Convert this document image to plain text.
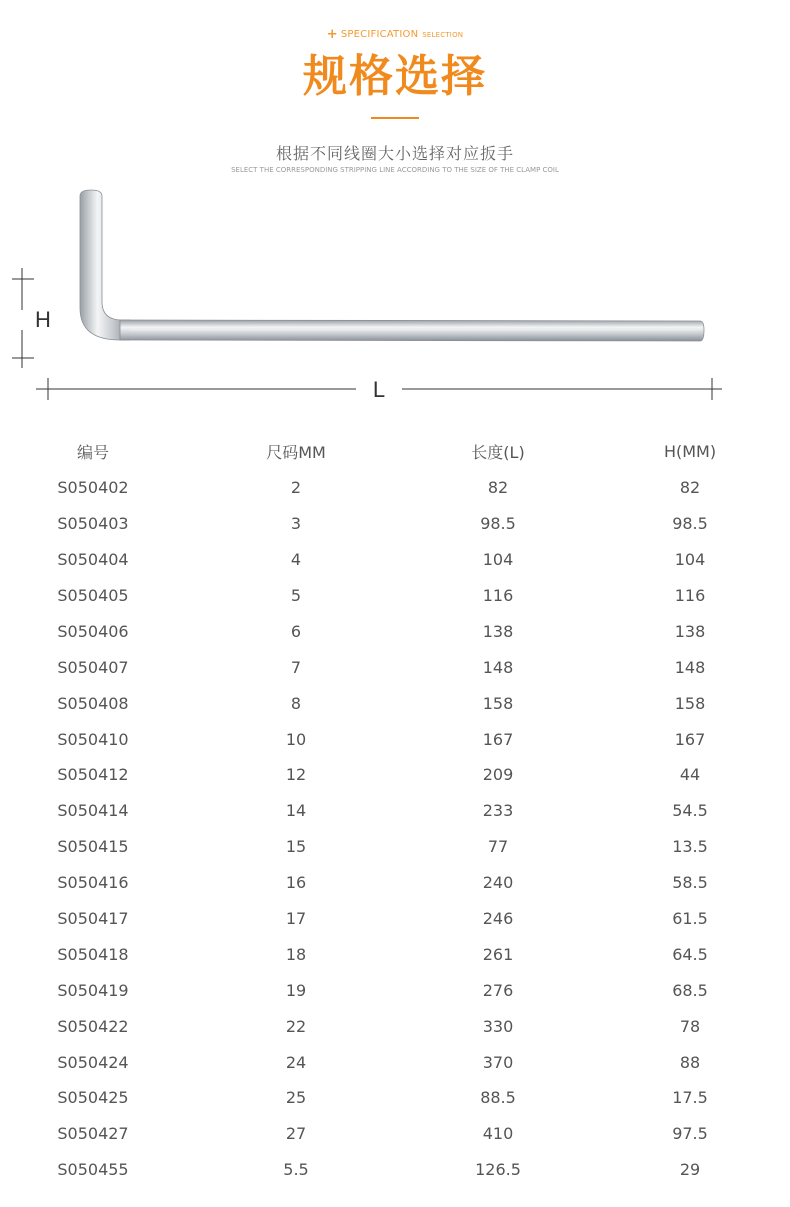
+ SPECIFICATION SELECTION
规格选择
根据不同线圈大小选择对应扳手
SELECT THE CORRESPONDING STRIPPING LINE ACCORDING TO THE SIZE OF THE CLAMP COIL
H
L
编号	尺码MM	长度(L)	H(MM)
S050402	2	82	82
S050403	3	98.5	98.5
S050404	4	104	104
S050405	5	116	116
S050406	6	138	138
S050407	7	148	148
S050408	8	158	158
S050410	10	167	167
S050412	12	209	44
S050414	14	233	54.5
S050415	15	77	13.5
S050416	16	240	58.5
S050417	17	246	61.5
S050418	18	261	64.5
S050419	19	276	68.5
S050422	22	330	78
S050424	24	370	88
S050425	25	88.5	17.5
S050427	27	410	97.5
S050455	5.5	126.5	29
